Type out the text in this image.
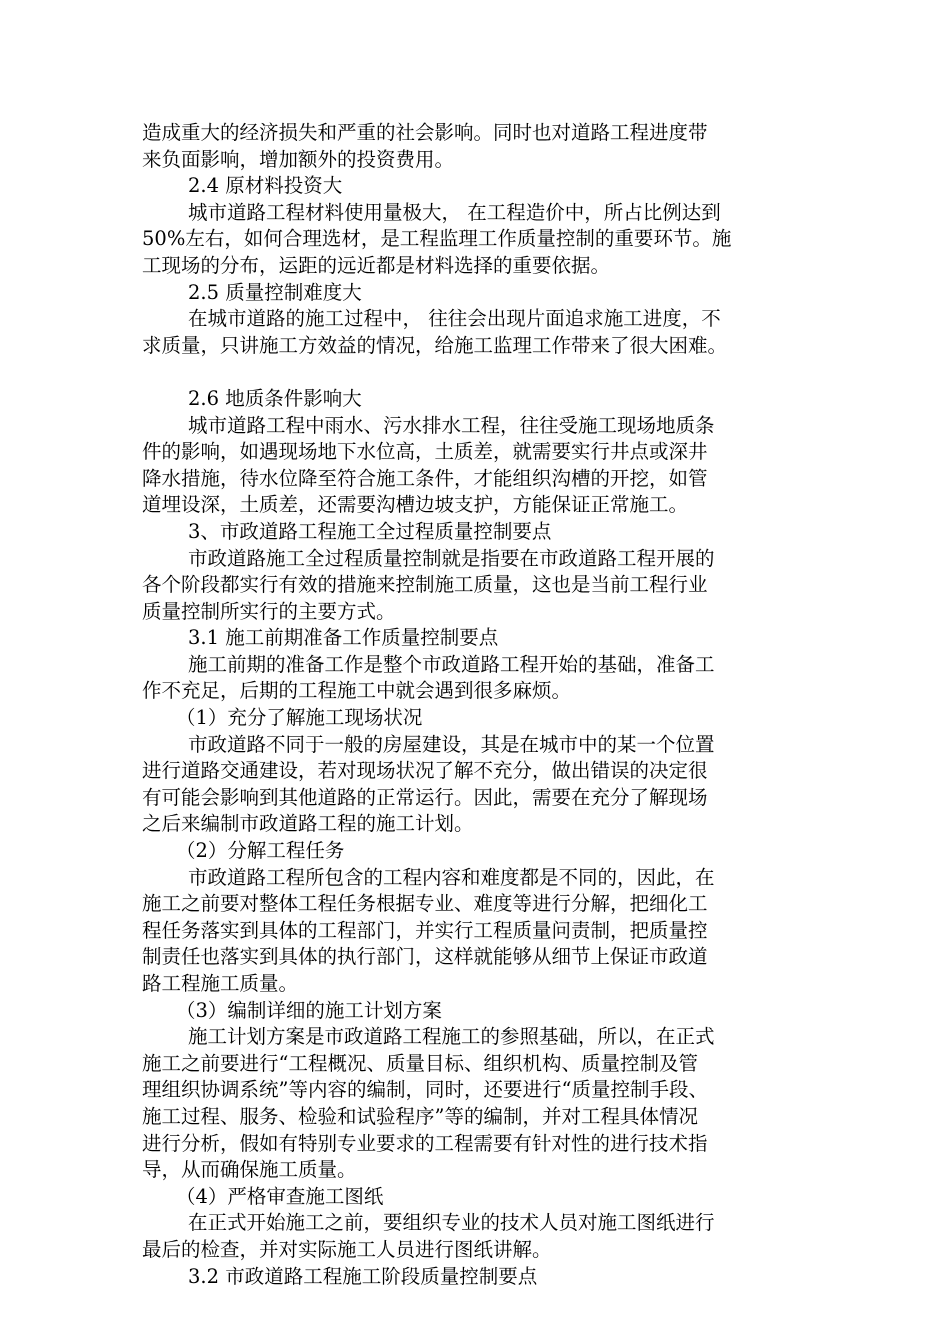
造成重大的经济损失和严重的社会影响。同时也对道路工程进度带
来负面影响，增加额外的投资费用。
2.4 原材料投资大
城市道路工程材料使用量极大， 在工程造价中，所占比例达到
50%左右，如何合理选材，是工程监理工作质量控制的重要环节。施
工现场的分布，运距的远近都是材料选择的重要依据。
2.5 质量控制难度大
在城市道路的施工过程中， 往往会出现片面追求施工进度，不
求质量，只讲施工方效益的情况，给施工监理工作带来了很大困难。
2.6 地质条件影响大
城市道路工程中雨水、污水排水工程，往往受施工现场地质条
件的影响，如遇现场地下水位高，土质差，就需要实行井点或深井
降水措施，待水位降至符合施工条件，才能组织沟槽的开挖，如管
道埋设深，土质差，还需要沟槽边坡支护，方能保证正常施工。
3、市政道路工程施工全过程质量控制要点
市政道路施工全过程质量控制就是指要在市政道路工程开展的
各个阶段都实行有效的措施来控制施工质量，这也是当前工程行业
质量控制所实行的主要方式。
3.1 施工前期准备工作质量控制要点
施工前期的准备工作是整个市政道路工程开始的基础，准备工
作不充足，后期的工程施工中就会遇到很多麻烦。
（1）充分了解施工现场状况
市政道路不同于一般的房屋建设，其是在城市中的某一个位置
进行道路交通建设，若对现场状况了解不充分，做出错误的决定很
有可能会影响到其他道路的正常运行。因此，需要在充分了解现场
之后来编制市政道路工程的施工计划。
（2）分解工程任务
市政道路工程所包含的工程内容和难度都是不同的，因此，在
施工之前要对整体工程任务根据专业、难度等进行分解，把细化工
程任务落实到具体的工程部门，并实行工程质量问责制，把质量控
制责任也落实到具体的执行部门，这样就能够从细节上保证市政道
路工程施工质量。
（3）编制详细的施工计划方案
施工计划方案是市政道路工程施工的参照基础，所以，在正式
施工之前要进行“工程概况、质量目标、组织机构、质量控制及管
理组织协调系统”等内容的编制，同时，还要进行“质量控制手段、
施工过程、服务、检验和试验程序”等的编制，并对工程具体情况
进行分析，假如有特别专业要求的工程需要有针对性的进行技术指
导，从而确保施工质量。
（4）严格审查施工图纸
在正式开始施工之前，要组织专业的技术人员对施工图纸进行
最后的检查，并对实际施工人员进行图纸讲解。
3.2 市政道路工程施工阶段质量控制要点
